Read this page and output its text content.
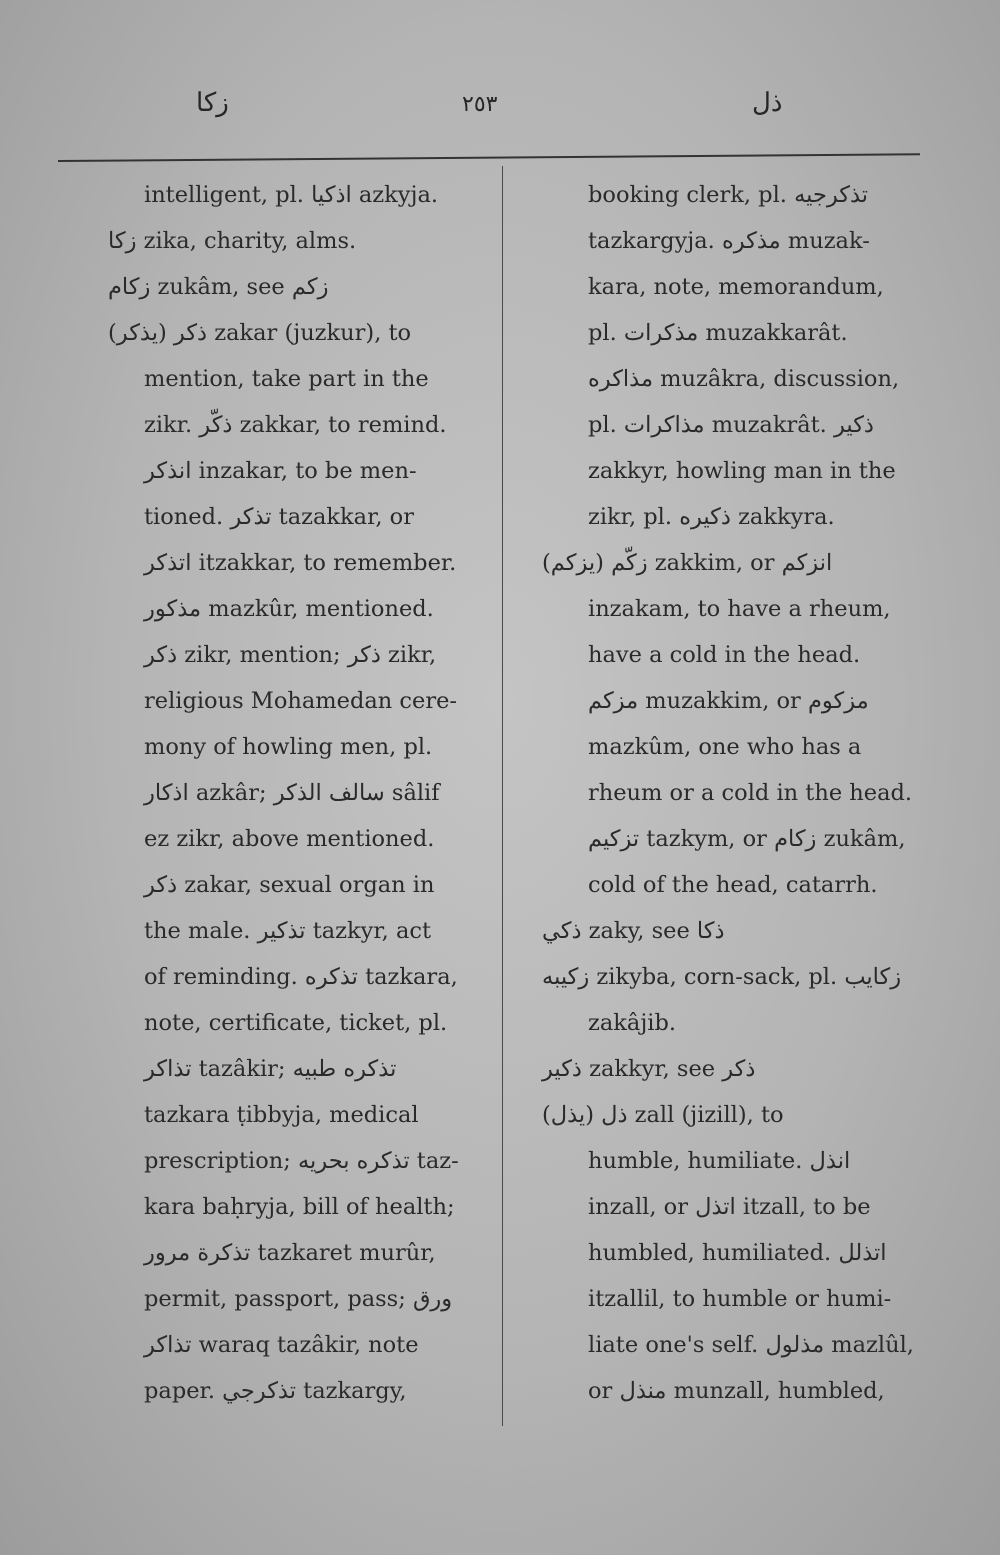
زكا	٢٥٣	ذل
intelligent, pl. اذكيا azkyja.
زكا zika, charity, alms.
زكام zukâm, see زكم
ذكر (يذكر) zakar (juzkur), to
mention, take part in the
zikr. ذكّر zakkar, to remind.
انذكر inzakar, to be men-
tioned. تذكر tazakkar, or
اتذكر itzakkar, to remember.
مذكور mazkûr, mentioned.
ذكر zikr, mention; ذكر zikr,
religious Mohamedan cere-
mony of howling men, pl.
اذكار azkâr; سالف الذكر sâlif
ez zikr, above mentioned.
ذكر zakar, sexual organ in
the male. تذكير tazkyr, act
of reminding. تذكره tazkara,
note, certificate, ticket, pl.
تذاكر tazâkir; تذكره طبيه
tazkara ṭibbyja, medical
prescription; تذكره بحريه taz-
kara baḥryja, bill of health;
تذكرة مرور tazkaret murûr,
permit, passport, pass; ورق
تذاكر waraq tazâkir, note
paper. تذكرجي tazkargy,
booking clerk, pl. تذكرجيه
tazkargyja. مذكره muzak-
kara, note, memorandum,
pl. مذكرات muzakkarât.
مذاكره muzâkra, discussion,
pl. مذاكرات muzakrât. ذكير
zakkyr, howling man in the
zikr, pl. ذكيره zakkyra.
زكّم (يزكم) zakkim, or انزكم
inzakam, to have a rheum,
have a cold in the head.
مزكم muzakkim, or مزكوم
mazkûm, one who has a
rheum or a cold in the head.
تزكيم tazkym, or زكام zukâm,
cold of the head, catarrh.
ذكي zaky, see ذكا
زكيبه zikyba, corn-sack, pl. زكايب
zakâjib.
ذكير zakkyr, see ذكر
ذل (يذل) zall (jizill), to
humble, humiliate. انذل
inzall, or اتذل itzall, to be
humbled, humiliated. اتذلل
itzallil, to humble or humi-
liate one's self. مذلول mazlûl,
or منذل munzall, humbled,
